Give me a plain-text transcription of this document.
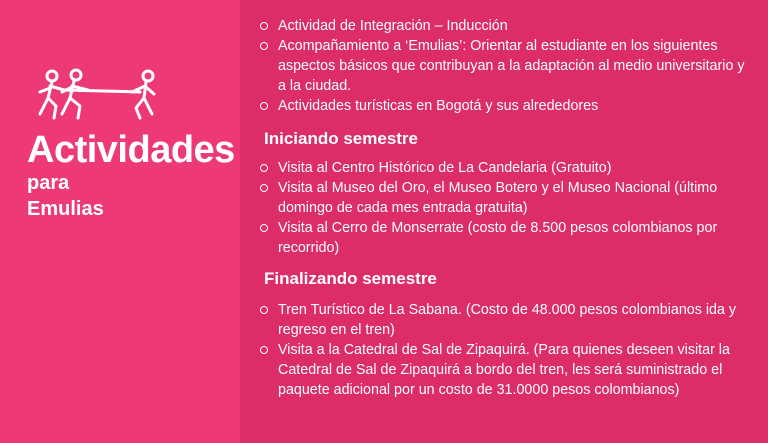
Actividades
para
Emulias
Actividad de Integración – Inducción
Acompañamiento a ‘Emulias’: Orientar al estudiante en los siguientes aspectos básicos que contribuyan a la adaptación al medio universitario y a la ciudad.
Actividades turísticas en Bogotá y sus alrededores
Iniciando semestre
Visita al Centro Histórico de La Candelaria (Gratuito)
Visita al Museo del Oro, el Museo Botero y el Museo Nacional (último domingo de cada mes entrada gratuita)
Visita al Cerro de Monserrate (costo de 8.500 pesos colombianos por recorrido)
Finalizando semestre
Tren Turístico de La Sabana. (Costo de 48.000 pesos colombianos ida y regreso en el tren)
Visita a la Catedral de Sal de Zipaquirá. (Para quienes deseen visitar la Catedral de Sal de Zipaquirá a bordo del tren, les será suministrado el paquete adicional por un costo de 31.0000 pesos colombianos)
